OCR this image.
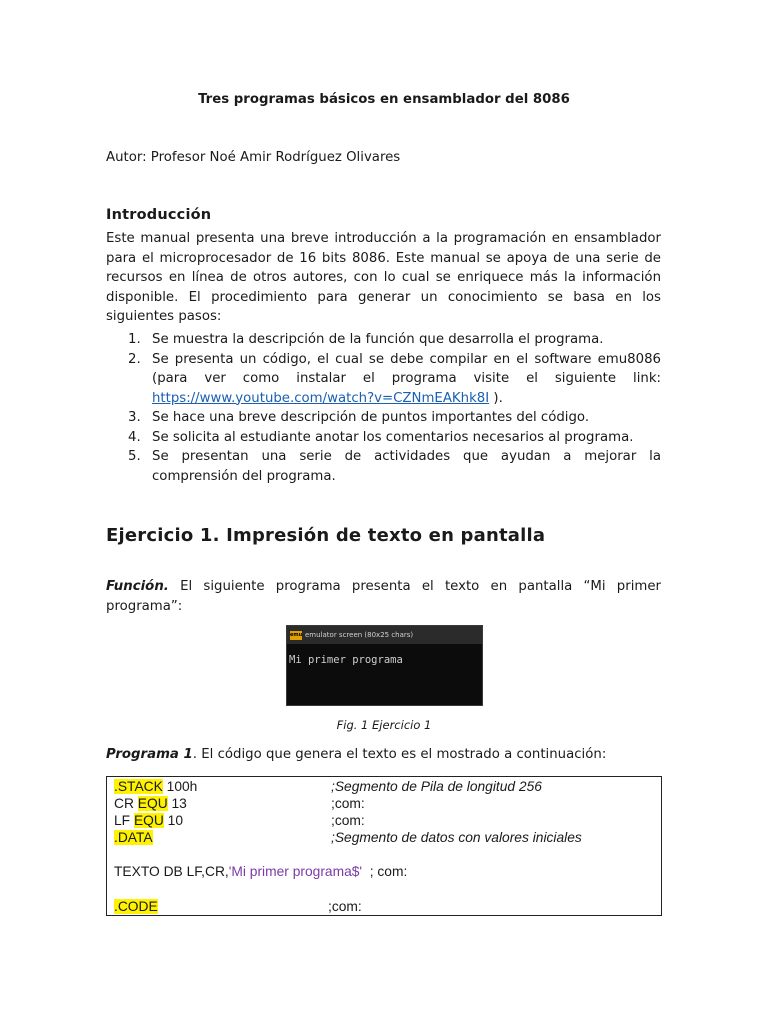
Tres programas básicos en ensamblador del 8086
Autor: Profesor Noé Amir Rodríguez Olivares
Introducción

Este manual presenta una breve introducción a la programación en ensamblador para el microprocesador de 16 bits 8086. Este manual se apoya de una serie de recursos en línea de otros autores, con lo cual se enriquece más la información disponible. El procedimiento para generar un conocimiento se basa en los siguientes pasos:

1. Se muestra la descripción de la función que desarrolla el programa.
2. Se presenta un código, el cual se debe compilar en el software emu8086 (para ver como instalar el programa visite el siguiente link: https://www.youtube.com/watch?v=CZNmEAKhk8I ).
3. Se hace una breve descripción de puntos importantes del código.
4. Se solicita al estudiante anotar los comentarios necesarios al programa.
5. Se presentan una serie de actividades que ayudan a mejorar la comprensión del programa.
Ejercicio 1. Impresión de texto en pantalla

Función. El siguiente programa presenta el texto en pantalla “Mi primer programa”:

emu emulator screen (80x25 chars)
Mi primer programa
Fig. 1 Ejercicio 1
Programa 1. El código que genera el texto es el mostrado a continuación:
.STACK 100h	;Segmento de Pila de longitud 256
CR EQU 13	;com:
LF EQU 10	;com:
.DATA	;Segmento de datos con valores iniciales
TEXTO DB LF,CR,'Mi primer programa$'  ; com:
.CODE	;com:
